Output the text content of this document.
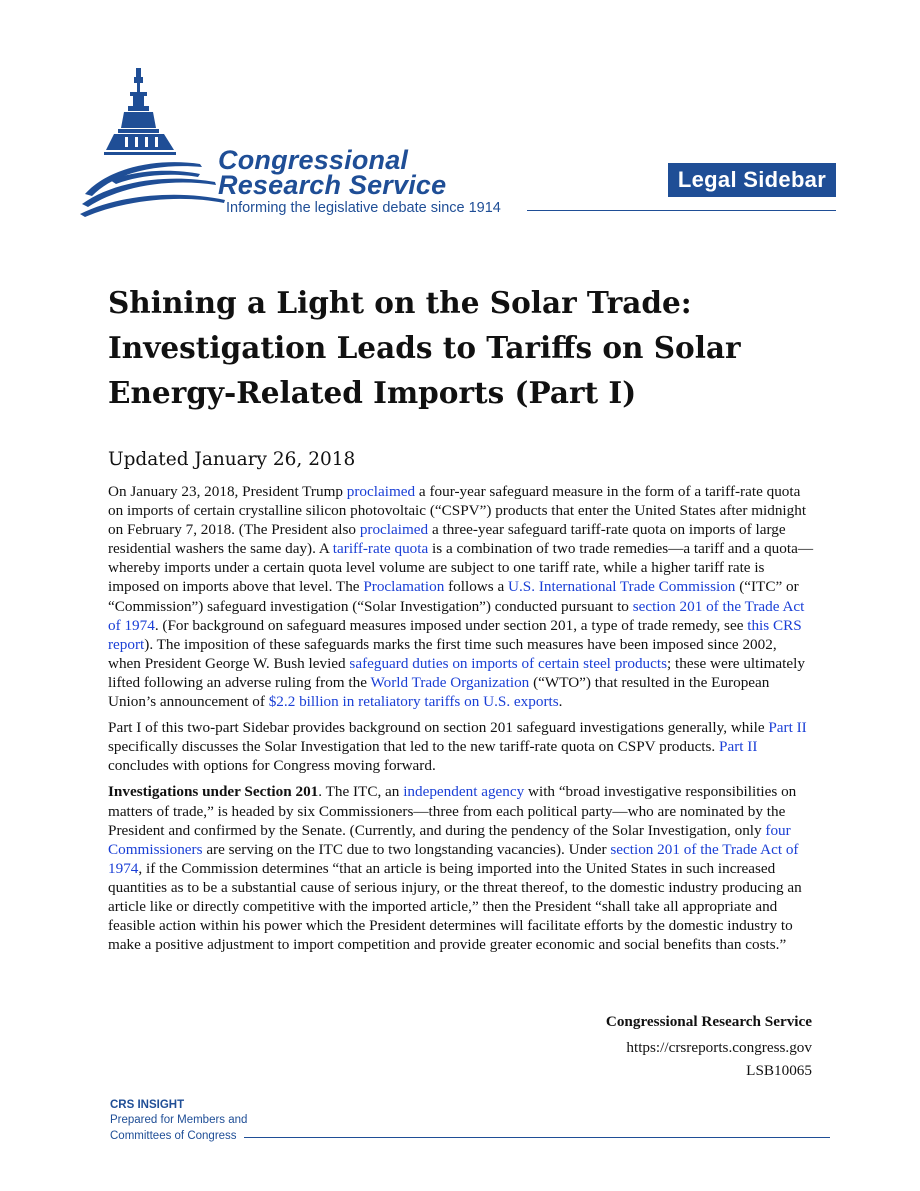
Congressional
Research Service
Informing the legislative debate since 1914
Legal Sidebar
Shining a Light on the Solar Trade: Investigation Leads to Tariffs on Solar Energy-Related Imports (Part I)
Updated January 26, 2018

On January 23, 2018, President Trump proclaimed a four-year safeguard measure in the form of a tariff-rate quota on imports of certain crystalline silicon photovoltaic (“CSPV”) products that enter the United States after midnight on February 7, 2018. (The President also proclaimed a three-year safeguard tariff-rate quota on imports of large residential washers the same day). A tariff-rate quota is a combination of two trade remedies—a tariff and a quota—whereby imports under a certain quota level volume are subject to one tariff rate, while a higher tariff rate is imposed on imports above that level. The Proclamation follows a U.S. International Trade Commission (“ITC” or “Commission”) safeguard investigation (“Solar Investigation”) conducted pursuant to section 201 of the Trade Act of 1974. (For background on safeguard measures imposed under section 201, a type of trade remedy, see this CRS report). The imposition of these safeguards marks the first time such measures have been imposed since 2002, when President George W. Bush levied safeguard duties on imports of certain steel products; these were ultimately lifted following an adverse ruling from the World Trade Organization (“WTO”) that resulted in the European Union’s announcement of $2.2 billion in retaliatory tariffs on U.S. exports.

Part I of this two-part Sidebar provides background on section 201 safeguard investigations generally, while Part II specifically discusses the Solar Investigation that led to the new tariff-rate quota on CSPV products. Part II concludes with options for Congress moving forward.

Investigations under Section 201. The ITC, an independent agency with “broad investigative responsibilities on matters of trade,” is headed by six Commissioners—three from each political party—who are nominated by the President and confirmed by the Senate. (Currently, and during the pendency of the Solar Investigation, only four Commissioners are serving on the ITC due to two longstanding vacancies). Under section 201 of the Trade Act of 1974, if the Commission determines “that an article is being imported into the United States in such increased quantities as to be a substantial cause of serious injury, or the threat thereof, to the domestic industry producing an article like or directly competitive with the imported article,” then the President “shall take all appropriate and feasible action within his power which the President determines will facilitate efforts by the domestic industry to make a positive adjustment to import competition and provide greater economic and social benefits than costs.”

Congressional Research Service
https://crsreports.congress.gov
LSB10065
CRS INSIGHT
Prepared for Members and
Committees of Congress
